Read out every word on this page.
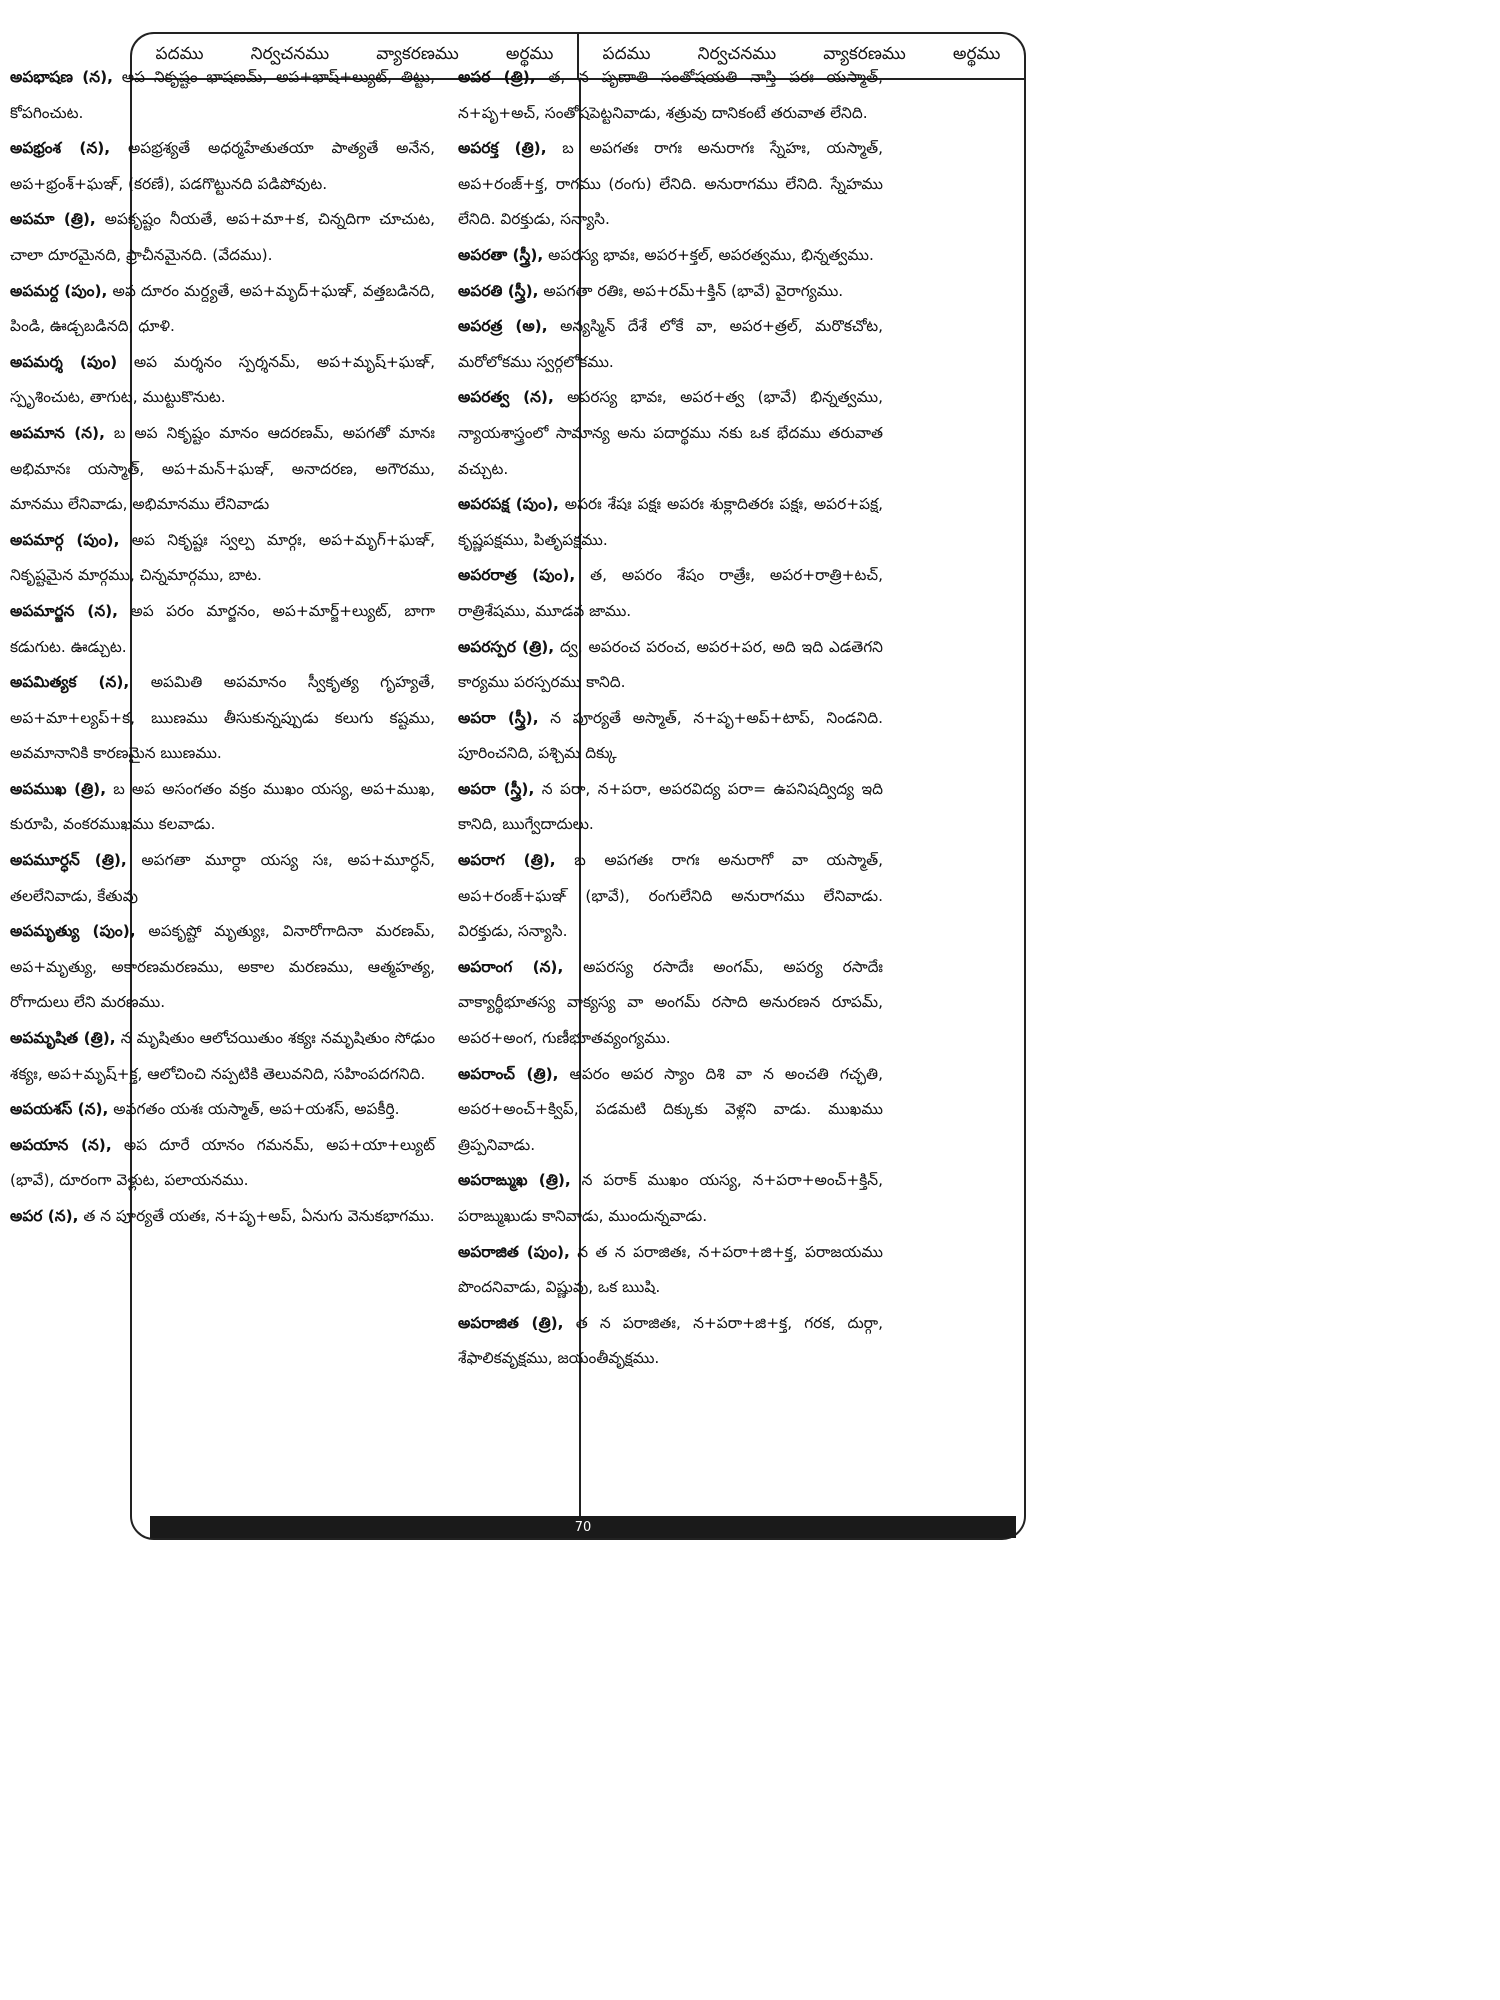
పదము	నిర్వచనము	వ్యాకరణము	అర్థము	పదము	నిర్వచనము	వ్యాకరణము	అర్థము

అపభాషణ (న), అప నికృష్టం భాషణమ్, అప+భాష్+ల్యుట్, తిట్టు, కోపగించుట.

అపభ్రంశ (న), అపభ్రశ్యతే అధర్మహేతుతయా పాత్యతే అనేన, అప+భ్రంశ్+ఘఞ్, (కరణే), పడగొట్టునది పడిపోవుట.

అపమా (త్రి), అపకృష్టం నీయతే, అప+మా+క, చిన్నదిగా చూచుట, చాలా దూరమైనది, ప్రాచీనమైనది. (వేదము).

అపమర్ద (పుం), అప దూరం మర్ద్యతే, అప+మృద్+ఘఞ్, వత్తబడినది, పిండి, ఊడ్చబడినది, ధూళి.

అపమర్శ (పుం) అప మర్శనం స్పర్శనమ్, అప+మృష్+ఘఞ్, స్పృశించుట, తాగుట, ముట్టుకొనుట.

అపమాన (న), బ అప నికృష్టం మానం ఆదరణమ్, అపగతో మానః అభిమానః యస్మాత్, అప+మన్+ఘఞ్, అనాదరణ, అగౌరము, మానము లేనివాడు, అభిమానము లేనివాడు

అపమార్గ (పుం), అప నికృష్టః స్వల్ప మార్గః, అప+మృగ్+ఘఞ్, నికృష్టమైన మార్గము, చిన్నమార్గము, బాట.

అపమార్జన (న), అప పరం మార్జనం, అప+మార్జ్+ల్యుట్, బాగా కడుగుట. ఊడ్చుట.

అపమిత్యక (న), అపమితి అపమానం స్వీకృత్య గృహ్యతే, అప+మా+ల్యప్+క, ఋణము తీసుకున్నప్పుడు కలుగు కష్టము, అవమానానికి కారణమైన ఋణము.

అపముఖ (త్రి), బ అప అసంగతం వక్రం ముఖం యస్య, అప+ముఖ, కురూపి, వంకరముఖము కలవాడు.

అపమూర్ధన్ (త్రి), అపగతా మూర్ధా యస్య సః, అప+మూర్ధన్, తలలేనివాడు, కేతువు

అపమృత్యు (పుం), అపకృష్టో మృత్యుః, వినారోగాదినా మరణమ్, అప+మృత్యు, అకారణమరణము, అకాల మరణము, ఆత్మహత్య, రోగాదులు లేని మరణము.

అపమృషిత (త్రి), న మృషితుం ఆలోచయితుం శక్యః నమృషితుం సోఢుం శక్యః, అప+మృష్+క్త, ఆలోచించి నప్పటికి తెలువనిది, సహింపదగనిది.

అపయశస్ (న), అపగతం యశః యస్మాత్, అప+యశస్, అపకీర్తి.

అపయాన (న), అప దూరే యానం గమనమ్, అప+యా+ల్యుట్ (భావే), దూరంగా వెళ్లుట, పలాయనము.

అపర (న), త న పూర్యతే యతః, న+పృ+అప్, ఏనుగు వెనుకభాగము.

అపర (త్రి), త, న పృణాతి సంతోషయతి నాస్తి పరః యస్మాత్, న+పృ+అచ్, సంతోషపెట్టనివాడు, శత్రువు దానికంటే తరువాత లేనిది.

అపరక్త (త్రి), బ అపగతః రాగః అనురాగః స్నేహః, యస్మాత్, అప+రంజ్+క్త, రాగము (రంగు) లేనిది. అనురాగము లేనిది. స్నేహము లేనిది. విరక్తుడు, సన్యాసి.

అపరతా (స్త్రీ), అపరస్య భావః, అపర+క్తల్, అపరత్వము, భిన్నత్వము.

అపరతి (స్త్రీ), అపగతా రతిః, అప+రమ్+క్తిన్ (భావే) వైరాగ్యము.

అపరత్ర (అ), అన్యస్మిన్ దేశే లోకే వా, అపర+త్రల్, మరొకచోట, మరోలోకము స్వర్గలోకము.

అపరత్వ (న), అపరస్య భావః, అపర+త్వ (భావే) భిన్నత్వము, న్యాయశాస్త్రంలో సామాన్య అను పదార్థము నకు ఒక భేదము తరువాత వచ్చుట.

అపరపక్ష (పుం), అపరః శేషః పక్షః అపరః శుక్లాదితరః పక్షః, అపర+పక్ష, కృష్ణపక్షము, పితృపక్షము.

అపరరాత్ర (పుం), త, అపరం శేషం రాత్రేః, అపర+రాత్రి+టచ్, రాత్రిశేషము, మూడవ జాము.

అపరస్పర (త్రి), ద్వ, అపరంచ పరంచ, అపర+పర, అది ఇది ఎడతెగని కార్యము పరస్పరము కానిది.

అపరా (స్త్రీ), న పూర్యతే అస్మాత్, న+పృ+అప్+టాప్, నిండనిది. పూరించనిది, పశ్చిమ దిక్కు

అపరా (స్త్రీ), న పరా, న+పరా, అపరవిద్య పరా= ఉపనిషద్విద్య ఇది కానిది, ఋగ్వేదాదులు.

అపరాగ (త్రి), బ అపగతః రాగః అనురాగో వా యస్మాత్, అప+రంజ్+ఘఞ్ (భావే), రంగులేనిది అనురాగము లేనివాడు. విరక్తుడు, సన్యాసి.

అపరాంగ (న), అపరస్య రసాదేః అంగమ్, అపర్య రసాదేః వాక్యార్థీభూతస్య వాక్యస్య వా అంగమ్ రసాది అనురణన రూపమ్, అపర+అంగ, గుణీభూతవ్యంగ్యము.

అపరాంచ్ (త్రి), అపరం అపర స్యాం దిశి వా న అంచతి గచ్ఛతి, అపర+అంచ్+క్విప్, పడమటి దిక్కుకు వెళ్లని వాడు. ముఖము త్రిప్పనివాడు.

అపరాఙ్ముఖ (త్రి), న పరాక్ ముఖం యస్య, న+పరా+అంచ్+క్తిన్, పరాఙ్ముఖుడు కానివాడు, ముందున్నవాడు.

అపరాజిత (పుం), న త న పరాజితః, న+పరా+జి+క్త, పరాజయము పొందనివాడు, విష్ణువు, ఒక ఋషి.

అపరాజిత (త్రి), త న పరాజితః, న+పరా+జి+క్త, గరక, దుర్గా, శేఫాలికవృక్షము, జయంతీవృక్షము.

70
